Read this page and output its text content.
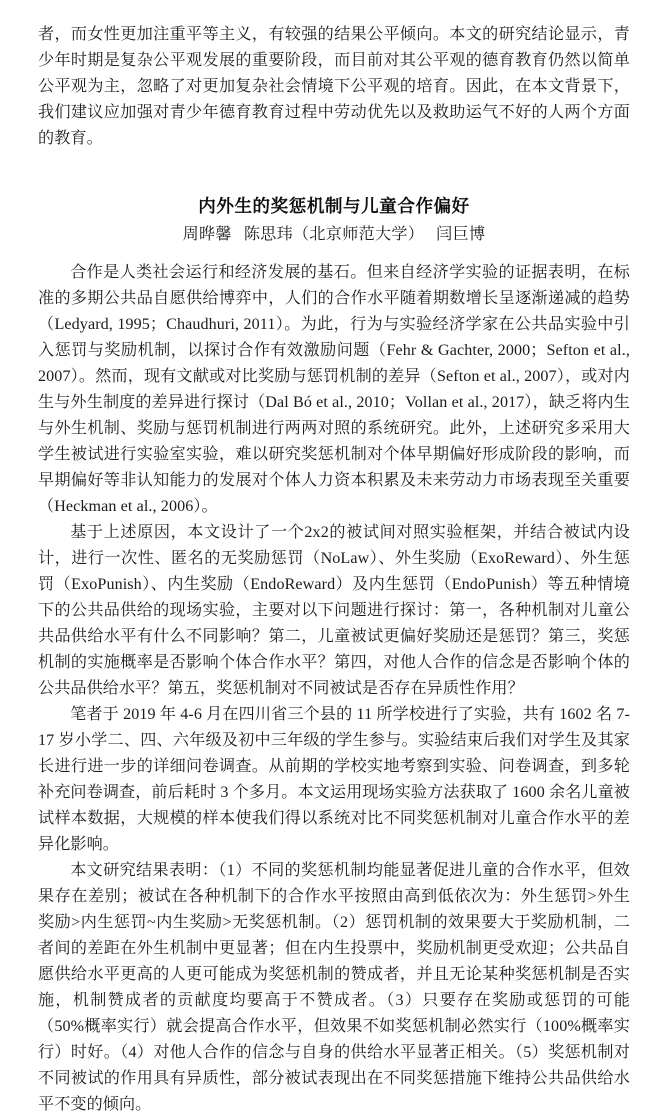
者，而女性更加注重平等主义，有较强的结果公平倾向。本文的研究结论显示，青少年时期是复杂公平观发展的重要阶段，而目前对其公平观的德育教育仍然以简单公平观为主，忽略了对更加复杂社会情境下公平观的培育。因此，在本文背景下，我们建议应加强对青少年德育教育过程中劳动优先以及救助运气不好的人两个方面的教育。

内外生的奖惩机制与儿童合作偏好

周晔馨 陈思玮（北京师范大学） 闫巨博

合作是人类社会运行和经济发展的基石。但来自经济学实验的证据表明，在标准的多期公共品自愿供给博弈中，人们的合作水平随着期数增长呈逐渐递减的趋势（Ledyard, 1995；Chaudhuri, 2011）。为此，行为与实验经济学家在公共品实验中引入惩罚与奖励机制，以探讨合作有效激励问题（Fehr & Gachter, 2000；Sefton et al., 2007）。然而，现有文献或对比奖励与惩罚机制的差异（Sefton et al., 2007），或对内生与外生制度的差异进行探讨（Dal Bó et al., 2010；Vollan et al., 2017），缺乏将内生与外生机制、奖励与惩罚机制进行两两对照的系统研究。此外，上述研究多采用大学生被试进行实验室实验，难以研究奖惩机制对个体早期偏好形成阶段的影响，而早期偏好等非认知能力的发展对个体人力资本积累及未来劳动力市场表现至关重要（Heckman et al., 2006）。

基于上述原因，本文设计了一个2x2的被试间对照实验框架，并结合被试内设计，进行一次性、匿名的无奖励惩罚（NoLaw）、外生奖励（ExoReward）、外生惩罚（ExoPunish）、内生奖励（EndoReward）及内生惩罚（EndoPunish）等五种情境下的公共品供给的现场实验，主要对以下问题进行探讨：第一，各种机制对儿童公共品供给水平有什么不同影响？第二，儿童被试更偏好奖励还是惩罚？第三，奖惩机制的实施概率是否影响个体合作水平？第四，对他人合作的信念是否影响个体的公共品供给水平？第五，奖惩机制对不同被试是否存在异质性作用？

笔者于 2019 年 4-6 月在四川省三个县的 11 所学校进行了实验，共有 1602 名 7-17 岁小学二、四、六年级及初中三年级的学生参与。实验结束后我们对学生及其家长进行进一步的详细问卷调查。从前期的学校实地考察到实验、问卷调查，到多轮补充问卷调查，前后耗时 3 个多月。本文运用现场实验方法获取了 1600 余名儿童被试样本数据，大规模的样本使我们得以系统对比不同奖惩机制对儿童合作水平的差异化影响。

本文研究结果表明：（1）不同的奖惩机制均能显著促进儿童的合作水平，但效果存在差别；被试在各种机制下的合作水平按照由高到低依次为：外生惩罚>外生奖励>内生惩罚~内生奖励>无奖惩机制。（2）惩罚机制的效果要大于奖励机制，二者间的差距在外生机制中更显著；但在内生投票中，奖励机制更受欢迎；公共品自愿供给水平更高的人更可能成为奖惩机制的赞成者，并且无论某种奖惩机制是否实施，机制赞成者的贡献度均要高于不赞成者。（3）只要存在奖励或惩罚的可能（50%概率实行）就会提高合作水平，但效果不如奖惩机制必然实行（100%概率实行）时好。（4）对他人合作的信念与自身的供给水平显著正相关。（5）奖惩机制对不同被试的作用具有异质性，部分被试表现出在不同奖惩措施下维持公共品供给水平不变的倾向。
